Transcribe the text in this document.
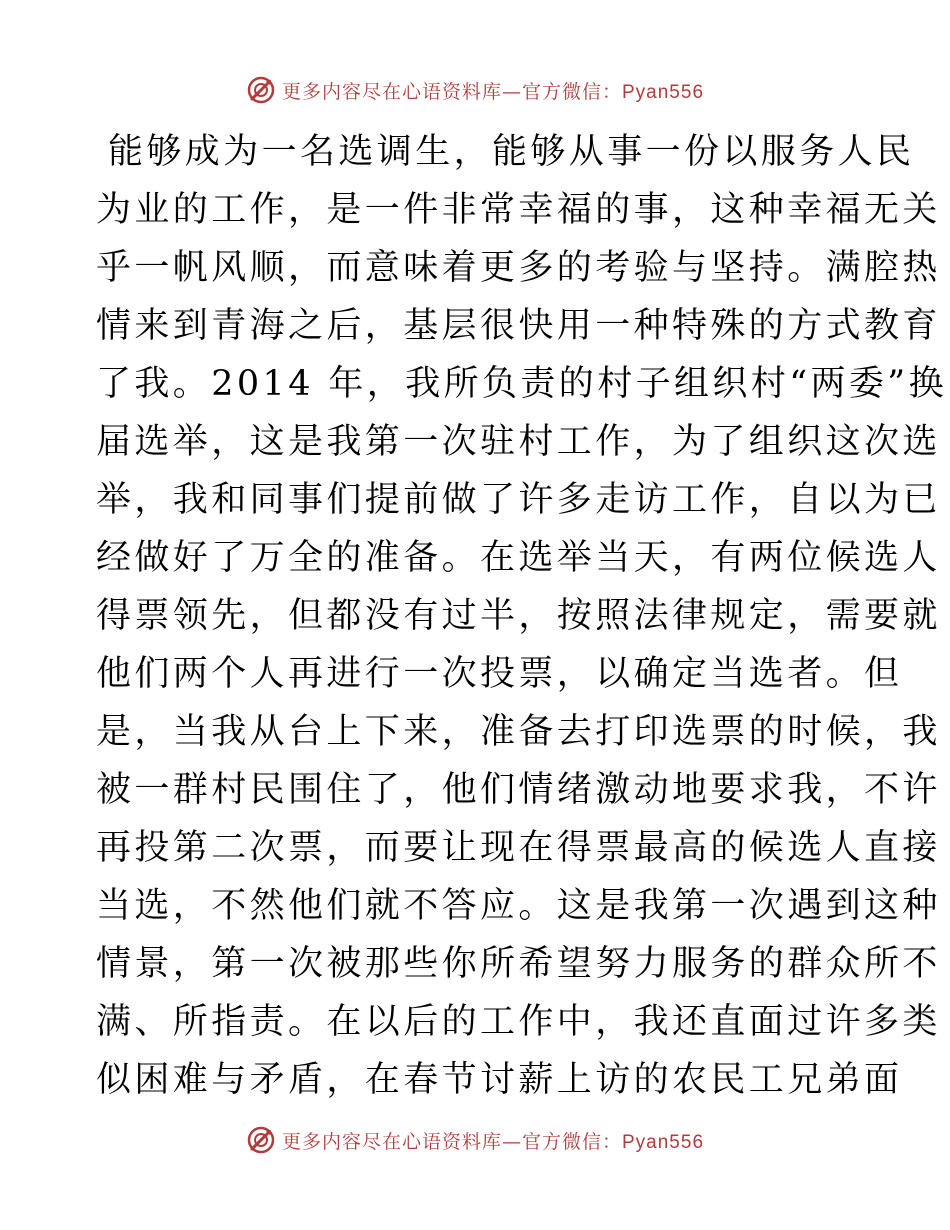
更多内容尽在心语资料库—官方微信：Pyan556
能够成为一名选调生，能够从事一份以服务人民
为业的工作，是一件非常幸福的事，这种幸福无关
乎一帆风顺，而意味着更多的考验与坚持。满腔热
情来到青海之后，基层很快用一种特殊的方式教育
了我。2014 年，我所负责的村子组织村“两委”换
届选举，这是我第一次驻村工作，为了组织这次选
举，我和同事们提前做了许多走访工作，自以为已
经做好了万全的准备。在选举当天，有两位候选人
得票领先，但都没有过半，按照法律规定，需要就
他们两个人再进行一次投票，以确定当选者。但
是，当我从台上下来，准备去打印选票的时候，我
被一群村民围住了，他们情绪激动地要求我，不许
再投第二次票，而要让现在得票最高的候选人直接
当选，不然他们就不答应。这是我第一次遇到这种
情景，第一次被那些你所希望努力服务的群众所不
满、所指责。在以后的工作中，我还直面过许多类
似困难与矛盾，在春节讨薪上访的农民工兄弟面
更多内容尽在心语资料库—官方微信：Pyan556
